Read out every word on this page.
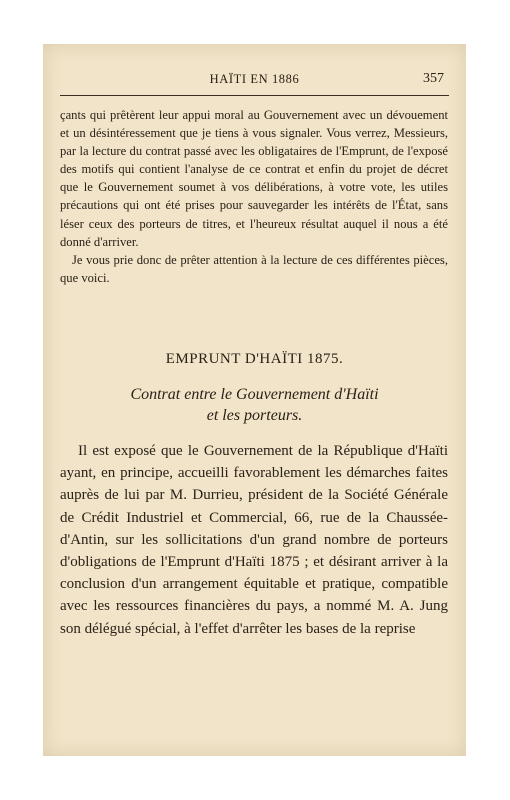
HAÏTI EN 1886	357

çants qui prêtèrent leur appui moral au Gouvernement avec un dévouement et un désintéressement que je tiens à vous signaler. Vous verrez, Messieurs, par la lecture du contrat passé avec les obligataires de l'Emprunt, de l'exposé des motifs qui contient l'analyse de ce contrat et enfin du projet de décret que le Gouvernement soumet à vos délibérations, à votre vote, les utiles précautions qui ont été prises pour sauvegarder les intérêts de l'État, sans léser ceux des porteurs de titres, et l'heureux résultat auquel il nous a été donné d'arriver.

Je vous prie donc de prêter attention à la lecture de ces différentes pièces, que voici.

EMPRUNT D'HAÏTI 1875.
Contrat entre le Gouvernement d'Haïti
et les porteurs.

Il est exposé que le Gouvernement de la République d'Haïti ayant, en principe, accueilli favorablement les démarches faites auprès de lui par M. Durrieu, président de la Société Générale de Crédit Industriel et Commercial, 66, rue de la Chaussée-d'Antin, sur les sollicitations d'un grand nombre de porteurs d'obligations de l'Emprunt d'Haïti 1875 ; et désirant arriver à la conclusion d'un arrangement équitable et pratique, compatible avec les ressources financières du pays, a nommé M. A. Jung son délégué spécial, à l'effet d'arrêter les bases de la reprise
